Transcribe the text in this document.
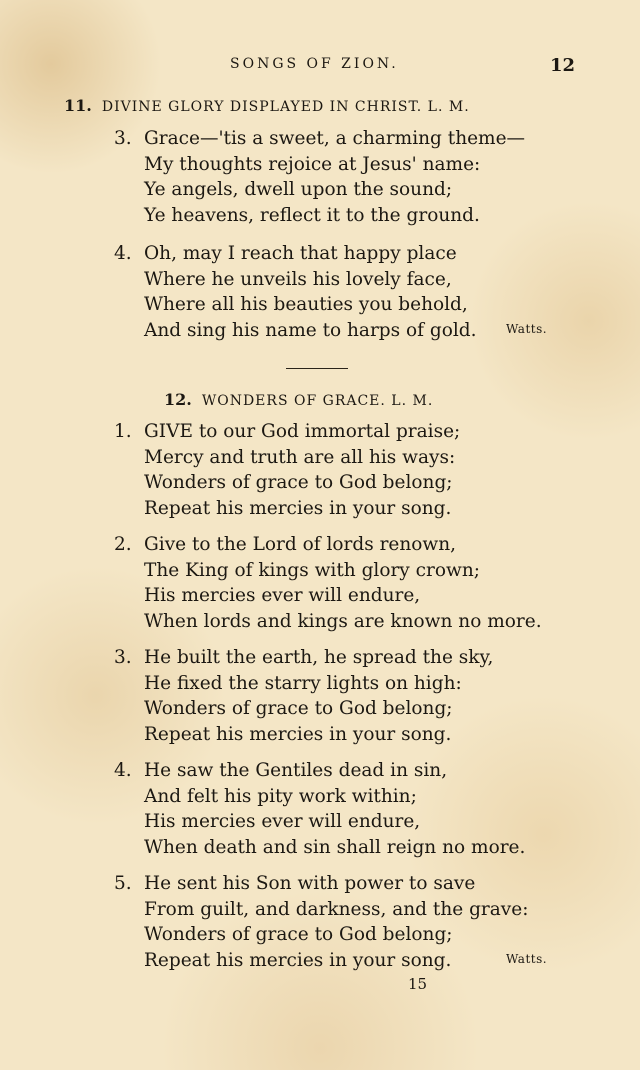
SONGS OF ZION.	12
11. DIVINE GLORY DISPLAYED IN CHRIST. L. M.
3. Grace—'tis a sweet, a charming theme—
My thoughts rejoice at Jesus' name:
Ye angels, dwell upon the sound;
Ye heavens, reflect it to the ground.
4. Oh, may I reach that happy place
Where he unveils his lovely face,
Where all his beauties you behold,
And sing his name to harps of gold. Watts.
12. WONDERS OF GRACE. L. M.
1. GIVE to our God immortal praise;
Mercy and truth are all his ways:
Wonders of grace to God belong;
Repeat his mercies in your song.
2. Give to the Lord of lords renown,
The King of kings with glory crown;
His mercies ever will endure,
When lords and kings are known no more.
3. He built the earth, he spread the sky,
He fixed the starry lights on high:
Wonders of grace to God belong;
Repeat his mercies in your song.
4. He saw the Gentiles dead in sin,
And felt his pity work within;
His mercies ever will endure,
When death and sin shall reign no more.
5. He sent his Son with power to save
From guilt, and darkness, and the grave:
Wonders of grace to God belong;
Repeat his mercies in your song.	Watts.
15
